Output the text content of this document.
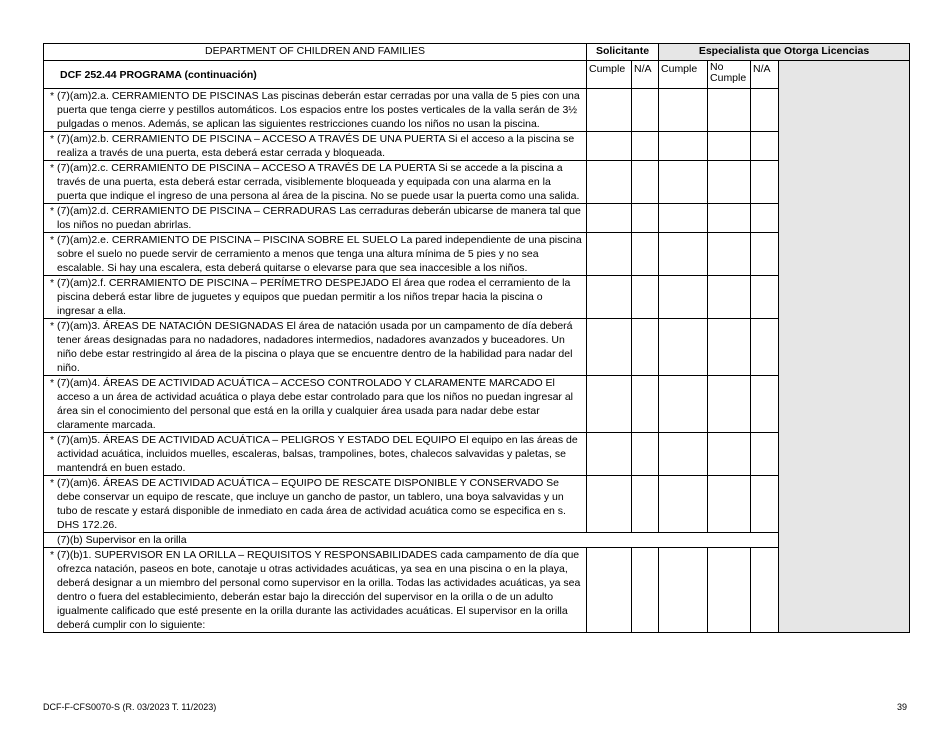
DEPARTMENT OF CHILDREN AND FAMILIES	Solicitante		Especialista que Otorga Licencias			
DCF 252.44 PROGRAMA (continuación)	Cumple	N/A	Cumple	No Cumple	N/A	

* (7)(am)2.a. CERRAMIENTO DE PISCINAS Las piscinas deberán estar cerradas por una valla de 5 pies con una puerta que tenga cierre y pestillos automáticos. Los espacios entre los postes verticales de la valla serán de 3½ pulgadas o menos. Además, se aplican las siguientes restricciones cuando los niños no usan la piscina.						

* (7)(am)2.b. CERRAMIENTO DE PISCINA – ACCESO A TRAVÉS DE UNA PUERTA Si el acceso a la piscina se realiza a través de una puerta, esta deberá estar cerrada y bloqueada.						

* (7)(am)2.c. CERRAMIENTO DE PISCINA – ACCESO A TRAVÉS DE LA PUERTA Si se accede a la piscina a través de una puerta, esta deberá estar cerrada, visiblemente bloqueada y equipada con una alarma en la puerta que indique el ingreso de una persona al área de la piscina. No se puede usar la puerta como una salida.						

* (7)(am)2.d. CERRAMIENTO DE PISCINA – CERRADURAS Las cerraduras deberán ubicarse de manera tal que los niños no puedan abrirlas.						

* (7)(am)2.e. CERRAMIENTO DE PISCINA – PISCINA SOBRE EL SUELO La pared independiente de una piscina sobre el suelo no puede servir de cerramiento a menos que tenga una altura mínima de 5 pies y no sea escalable. Si hay una escalera, esta deberá quitarse o elevarse para que sea inaccesible a los niños.						

* (7)(am)2.f. CERRAMIENTO DE PISCINA – PERÍMETRO DESPEJADO El área que rodea el cerramiento de la piscina deberá estar libre de juguetes y equipos que puedan permitir a los niños trepar hacia la piscina o ingresar a ella.						

* (7)(am)3. ÁREAS DE NATACIÓN DESIGNADAS El área de natación usada por un campamento de día deberá tener áreas designadas para no nadadores, nadadores intermedios, nadadores avanzados y buceadores. Un niño debe estar restringido al área de la piscina o playa que se encuentre dentro de la habilidad para nadar del niño.						

* (7)(am)4. ÁREAS DE ACTIVIDAD ACUÁTICA – ACCESO CONTROLADO Y CLARAMENTE MARCADO El acceso a un área de actividad acuática o playa debe estar controlado para que los niños no puedan ingresar al área sin el conocimiento del personal que está en la orilla y cualquier área usada para nadar debe estar claramente marcada.						

* (7)(am)5. ÁREAS DE ACTIVIDAD ACUÁTICA – PELIGROS Y ESTADO DEL EQUIPO El equipo en las áreas de actividad acuática, incluidos muelles, escaleras, balsas, trampolines, botes, chalecos salvavidas y paletas, se mantendrá en buen estado.						

* (7)(am)6. ÁREAS DE ACTIVIDAD ACUÁTICA – EQUIPO DE RESCATE DISPONIBLE Y CONSERVADO Se debe conservar un equipo de rescate, que incluye un gancho de pastor, un tablero, una boya salvavidas y un tubo de rescate y estará disponible de inmediato en cada área de actividad acuática como se especifica en s. DHS 172.26.						
(7)(b) Supervisor en la orilla						

* (7)(b)1. SUPERVISOR EN LA ORILLA – REQUISITOS Y RESPONSABILIDADES cada campamento de día que ofrezca natación, paseos en bote, canotaje u otras actividades acuáticas, ya sea en una piscina o en la playa, deberá designar a un miembro del personal como supervisor en la orilla. Todas las actividades acuáticas, ya sea dentro o fuera del establecimiento, deberán estar bajo la dirección del supervisor en la orilla o de un adulto igualmente calificado que esté presente en la orilla durante las actividades acuáticas. El supervisor en la orilla deberá cumplir con lo siguiente:						
DCF-F-CFS0070-S (R. 03/2023 T. 11/2023)	39
